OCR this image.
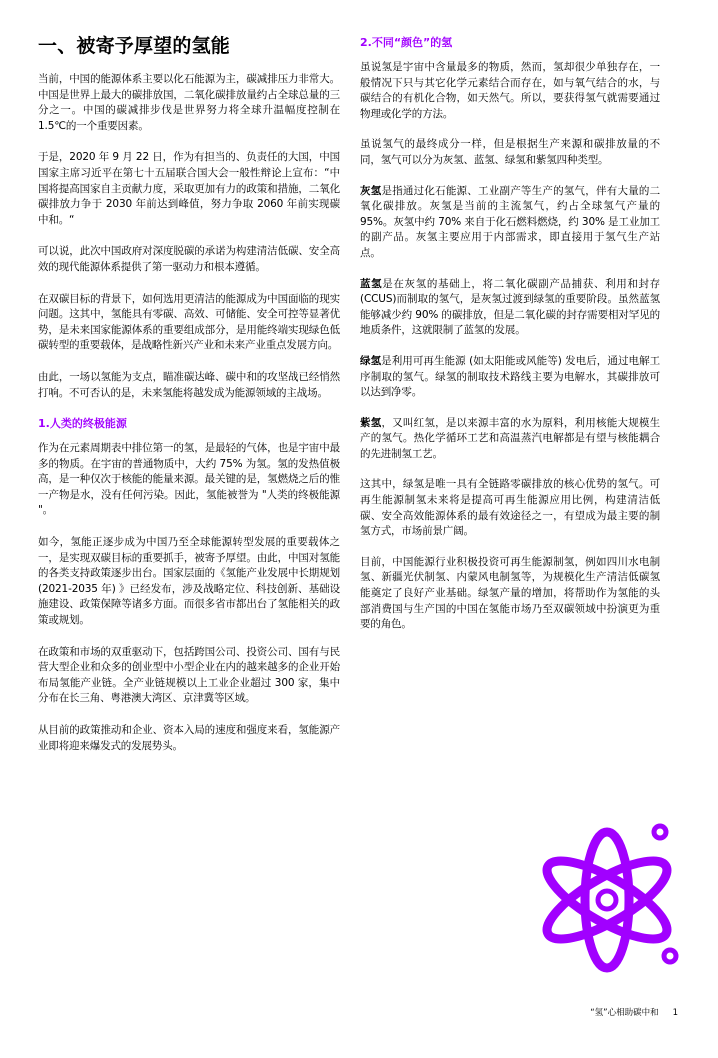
一、被寄予厚望的氢能

当前，中国的能源体系主要以化石能源为主，碳减排压力非常大。中国是世界上最大的碳排放国，二氧化碳排放量约占全球总量的三分之一。中国的碳减排步伐是世界努力将全球升温幅度控制在 1.5℃的一个重要因素。

于是，2020 年 9 月 22 日，作为有担当的、负责任的大国，中国国家主席习近平在第七十五届联合国大会一般性辩论上宣布：“中国将提高国家自主贡献力度，采取更加有力的政策和措施，二氧化碳排放力争于 2030 年前达到峰值，努力争取 2060 年前实现碳中和。“

可以说，此次中国政府对深度脱碳的承诺为构建清洁低碳、安全高效的现代能源体系提供了第一驱动力和根本遵循。

在双碳目标的背景下，如何选用更清洁的能源成为中国面临的现实问题。这其中，氢能具有零碳、高效、可储能、安全可控等显著优势，是未来国家能源体系的重要组成部分，是用能终端实现绿色低碳转型的重要载体，是战略性新兴产业和未来产业重点发展方向。

由此，一场以氢能为支点，瞄准碳达峰、碳中和的攻坚战已经悄然打响。不可否认的是，未来氢能将越发成为能源领域的主战场。

1.人类的终极能源

作为在元素周期表中排位第一的氢，是最轻的气体，也是宇宙中最多的物质。在宇宙的普通物质中，大约 75% 为氢。氢的发热值极高，是一种仅次于核能的能量来源。最关键的是，氢燃烧之后的惟一产物是水，没有任何污染。因此，氢能被誉为 "人类的终极能源 "。

如今，氢能正逐步成为中国乃至全球能源转型发展的重要载体之一，是实现双碳目标的重要抓手，被寄予厚望。由此，中国对氢能的各类支持政策逐步出台。国家层面的《氢能产业发展中长期规划 (2021-2035 年) 》已经发布，涉及战略定位、科技创新、基础设施建设、政策保障等诸多方面。而很多省市都出台了氢能相关的政策或规划。

在政策和市场的双重驱动下，包括跨国公司、投资公司、国有与民营大型企业和众多的创业型中小型企业在内的越来越多的企业开始布局氢能产业链。全产业链规模以上工业企业超过 300 家，集中分布在长三角、粤港澳大湾区、京津冀等区域。

从目前的政策推动和企业、资本入局的速度和强度来看，氢能源产业即将迎来爆发式的发展势头。

2.不同“颜色”的氢

虽说氢是宇宙中含量最多的物质，然而，氢却很少单独存在，一般情况下只与其它化学元素结合而存在，如与氧气结合的水，与碳结合的有机化合物，如天然气。所以，要获得氢气就需要通过物理或化学的方法。

虽说氢气的最终成分一样，但是根据生产来源和碳排放量的不同，氢气可以分为灰氢、蓝氢、绿氢和紫氢四种类型。

灰氢是指通过化石能源、工业副产等生产的氢气，伴有大量的二氧化碳排放。灰氢是当前的主流氢气，约占全球氢气产量的 95%。灰氢中约 70% 来自于化石燃料燃烧，约 30% 是工业加工的副产品。灰氢主要应用于内部需求，即直接用于氢气生产站点。

蓝氢是在灰氢的基础上，将二氧化碳副产品捕获、利用和封存(CCUS)而制取的氢气，是灰氢过渡到绿氢的重要阶段。虽然蓝氢能够减少约 90% 的碳排放，但是二氧化碳的封存需要相对罕见的地质条件，这就限制了蓝氢的发展。

绿氢是利用可再生能源 (如太阳能或风能等) 发电后，通过电解工序制取的氢气。绿氢的制取技术路线主要为电解水，其碳排放可以达到净零。

紫氢，又叫红氢，是以来源丰富的水为原料，利用核能大规模生产的氢气。热化学循环工艺和高温蒸汽电解都是有望与核能耦合的先进制氢工艺。

这其中，绿氢是唯一具有全链路零碳排放的核心优势的氢气。可再生能源制氢未来将是提高可再生能源应用比例，构建清洁低碳、安全高效能源体系的最有效途径之一，有望成为最主要的制氢方式，市场前景广阔。

目前，中国能源行业积极投资可再生能源制氢，例如四川水电制氢、新疆光伏制氢、内蒙风电制氢等，为规模化生产清洁低碳氢能奠定了良好产业基础。绿氢产量的增加，将帮助作为氢能的头部消费国与生产国的中国在氢能市场乃至双碳领域中扮演更为重要的角色。

“氢”心相助碳中和 1
